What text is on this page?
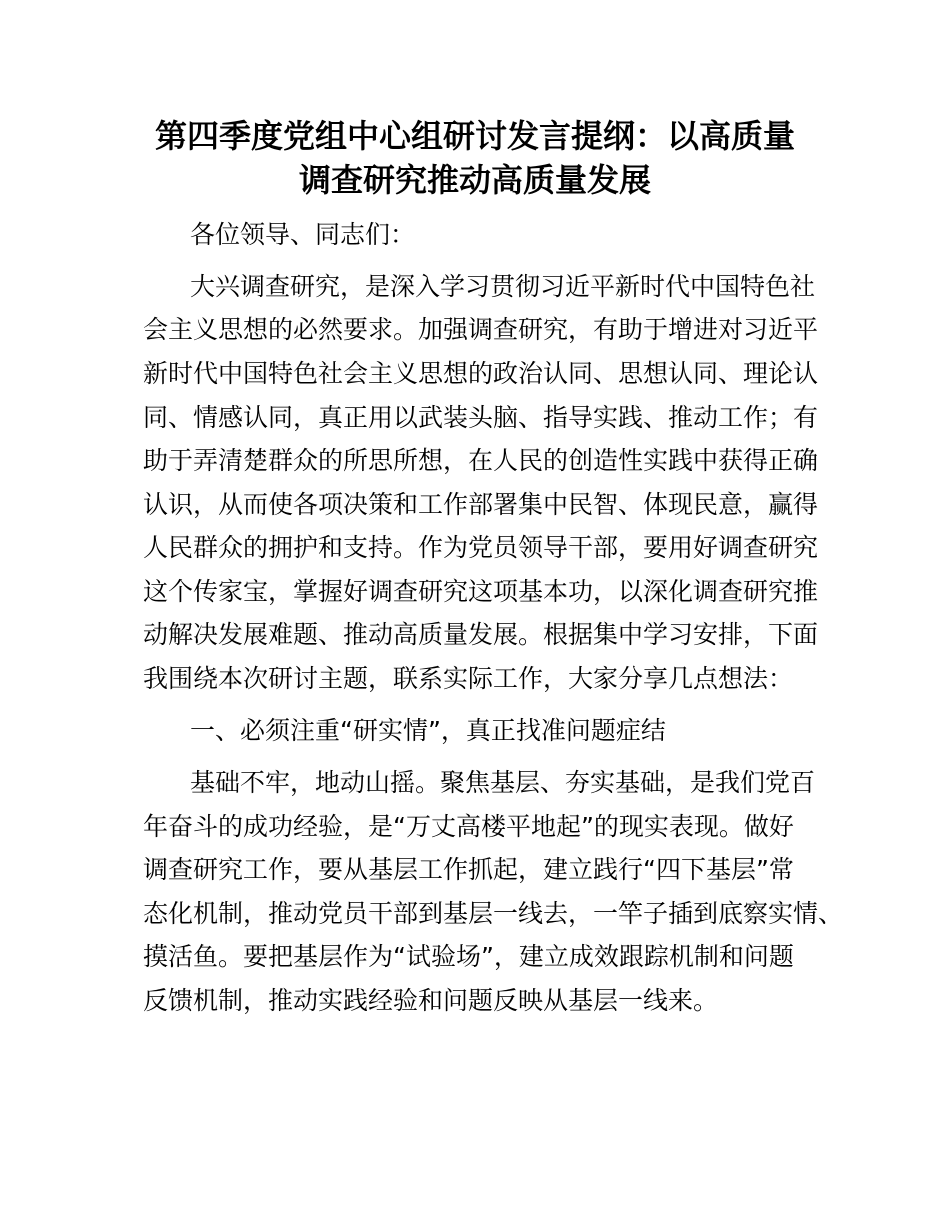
第四季度党组中心组研讨发言提纲：以高质量
调查研究推动高质量发展
各位领导、同志们：
大兴调查研究，是深入学习贯彻习近平新时代中国特色社
会主义思想的必然要求。加强调查研究，有助于增进对习近平
新时代中国特色社会主义思想的政治认同、思想认同、理论认
同、情感认同，真正用以武装头脑、指导实践、推动工作；有
助于弄清楚群众的所思所想，在人民的创造性实践中获得正确
认识，从而使各项决策和工作部署集中民智、体现民意，赢得
人民群众的拥护和支持。作为党员领导干部，要用好调查研究
这个传家宝，掌握好调查研究这项基本功，以深化调查研究推
动解决发展难题、推动高质量发展。根据集中学习安排，下面
我围绕本次研讨主题，联系实际工作，大家分享几点想法：
一、必须注重“研实情”，真正找准问题症结
基础不牢，地动山摇。聚焦基层、夯实基础，是我们党百
年奋斗的成功经验，是“万丈高楼平地起”的现实表现。做好
调查研究工作，要从基层工作抓起，建立践行“四下基层”常
态化机制，推动党员干部到基层一线去，一竿子插到底察实情、
摸活鱼。要把基层作为“试验场”，建立成效跟踪机制和问题
反馈机制，推动实践经验和问题反映从基层一线来。
